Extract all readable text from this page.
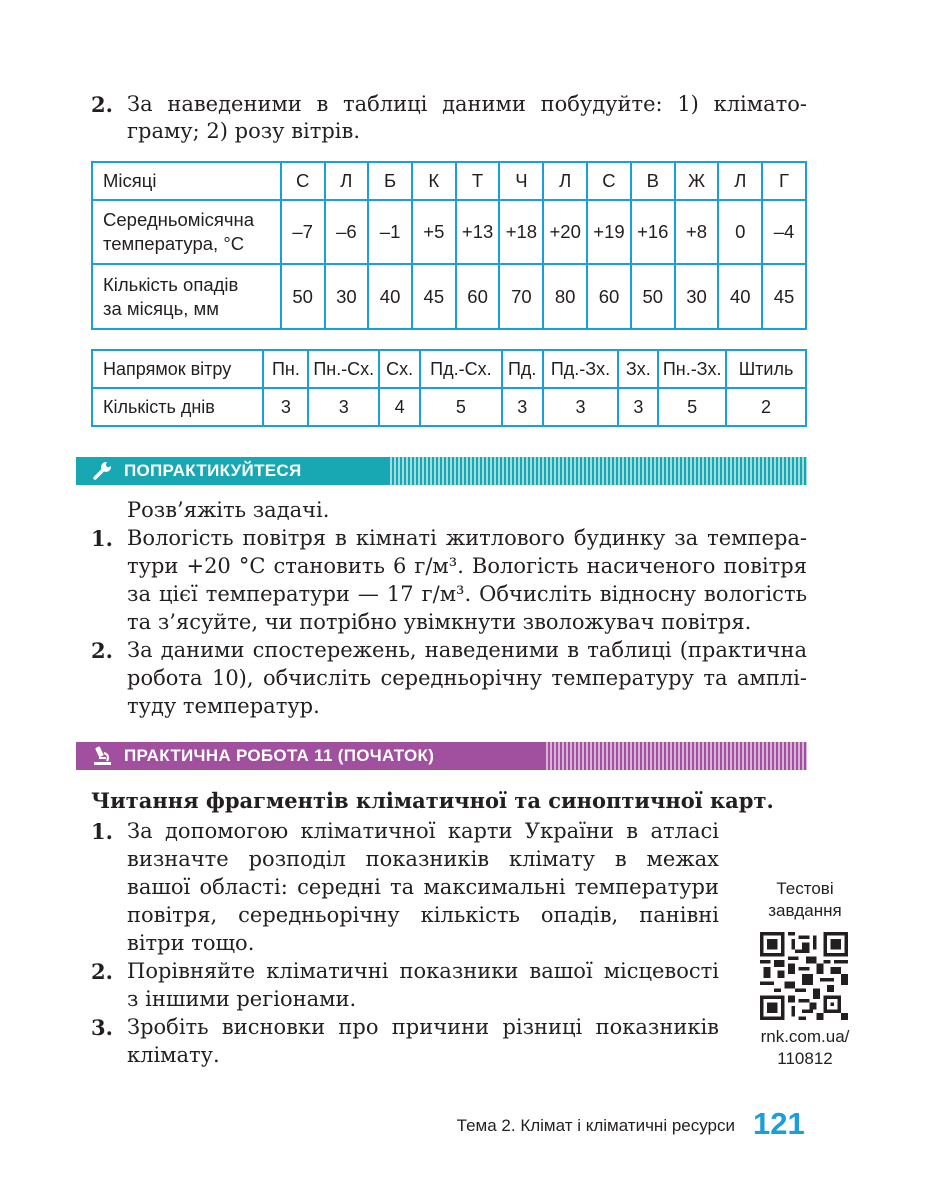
2. За наведеними в таблиці даними побудуйте: 1) клімато-
граму; 2) розу вітрів.
Місяці	С	Л	Б	К	Т	Ч	Л	С	В	Ж	Л	Г

Середньомісячна
температура, °С	–7	–6	–1	+5	+13	+18	+20	+19	+16	+8	0	–4

Кількість опадів
за місяць, мм	50	30	40	45	60	70	80	60	50	30	40	45
Напрямок вітру	Пн.	Пн.-Сх.	Сх.	Пд.-Сх.	Пд.	Пд.-Зх.	Зх.	Пн.-Зх.	Штиль
Кількість днів	3	3	4	5	3	3	3	5	2
ПОПРАКТИКУЙТЕСЯ
Розв’яжіть задачі.
1. Вологість повітря в кімнаті житлового будинку за темпера-
тури +20 °С становить 6 г/м³. Вологість насиченого повітря
за цієї температури — 17 г/м³. Обчисліть відносну вологість
та з’ясуйте, чи потрібно увімкнути зволожувач повітря.
2. За даними спостережень, наведеними в таблиці (практична
робота 10), обчисліть середньорічну температуру та амплі-
туду температур.
ПРАКТИЧНА РОБОТА 11 (ПОЧАТОК)
Читання фрагментів кліматичної та синоптичної карт.
1. За допомогою кліматичної карти України в атласі
визначте розподіл показників клімату в межах
вашої області: середні та максимальні температури
повітря, середньорічну кількість опадів, панівні
вітри тощо.
2. Порівняйте кліматичні показники вашої місцевості
з іншими регіонами.
3. Зробіть висновки про причини різниці показників
клімату.
Тестові
завдання
rnk.com.ua/
110812
Тема 2. Клімат і кліматичні ресурси 121
